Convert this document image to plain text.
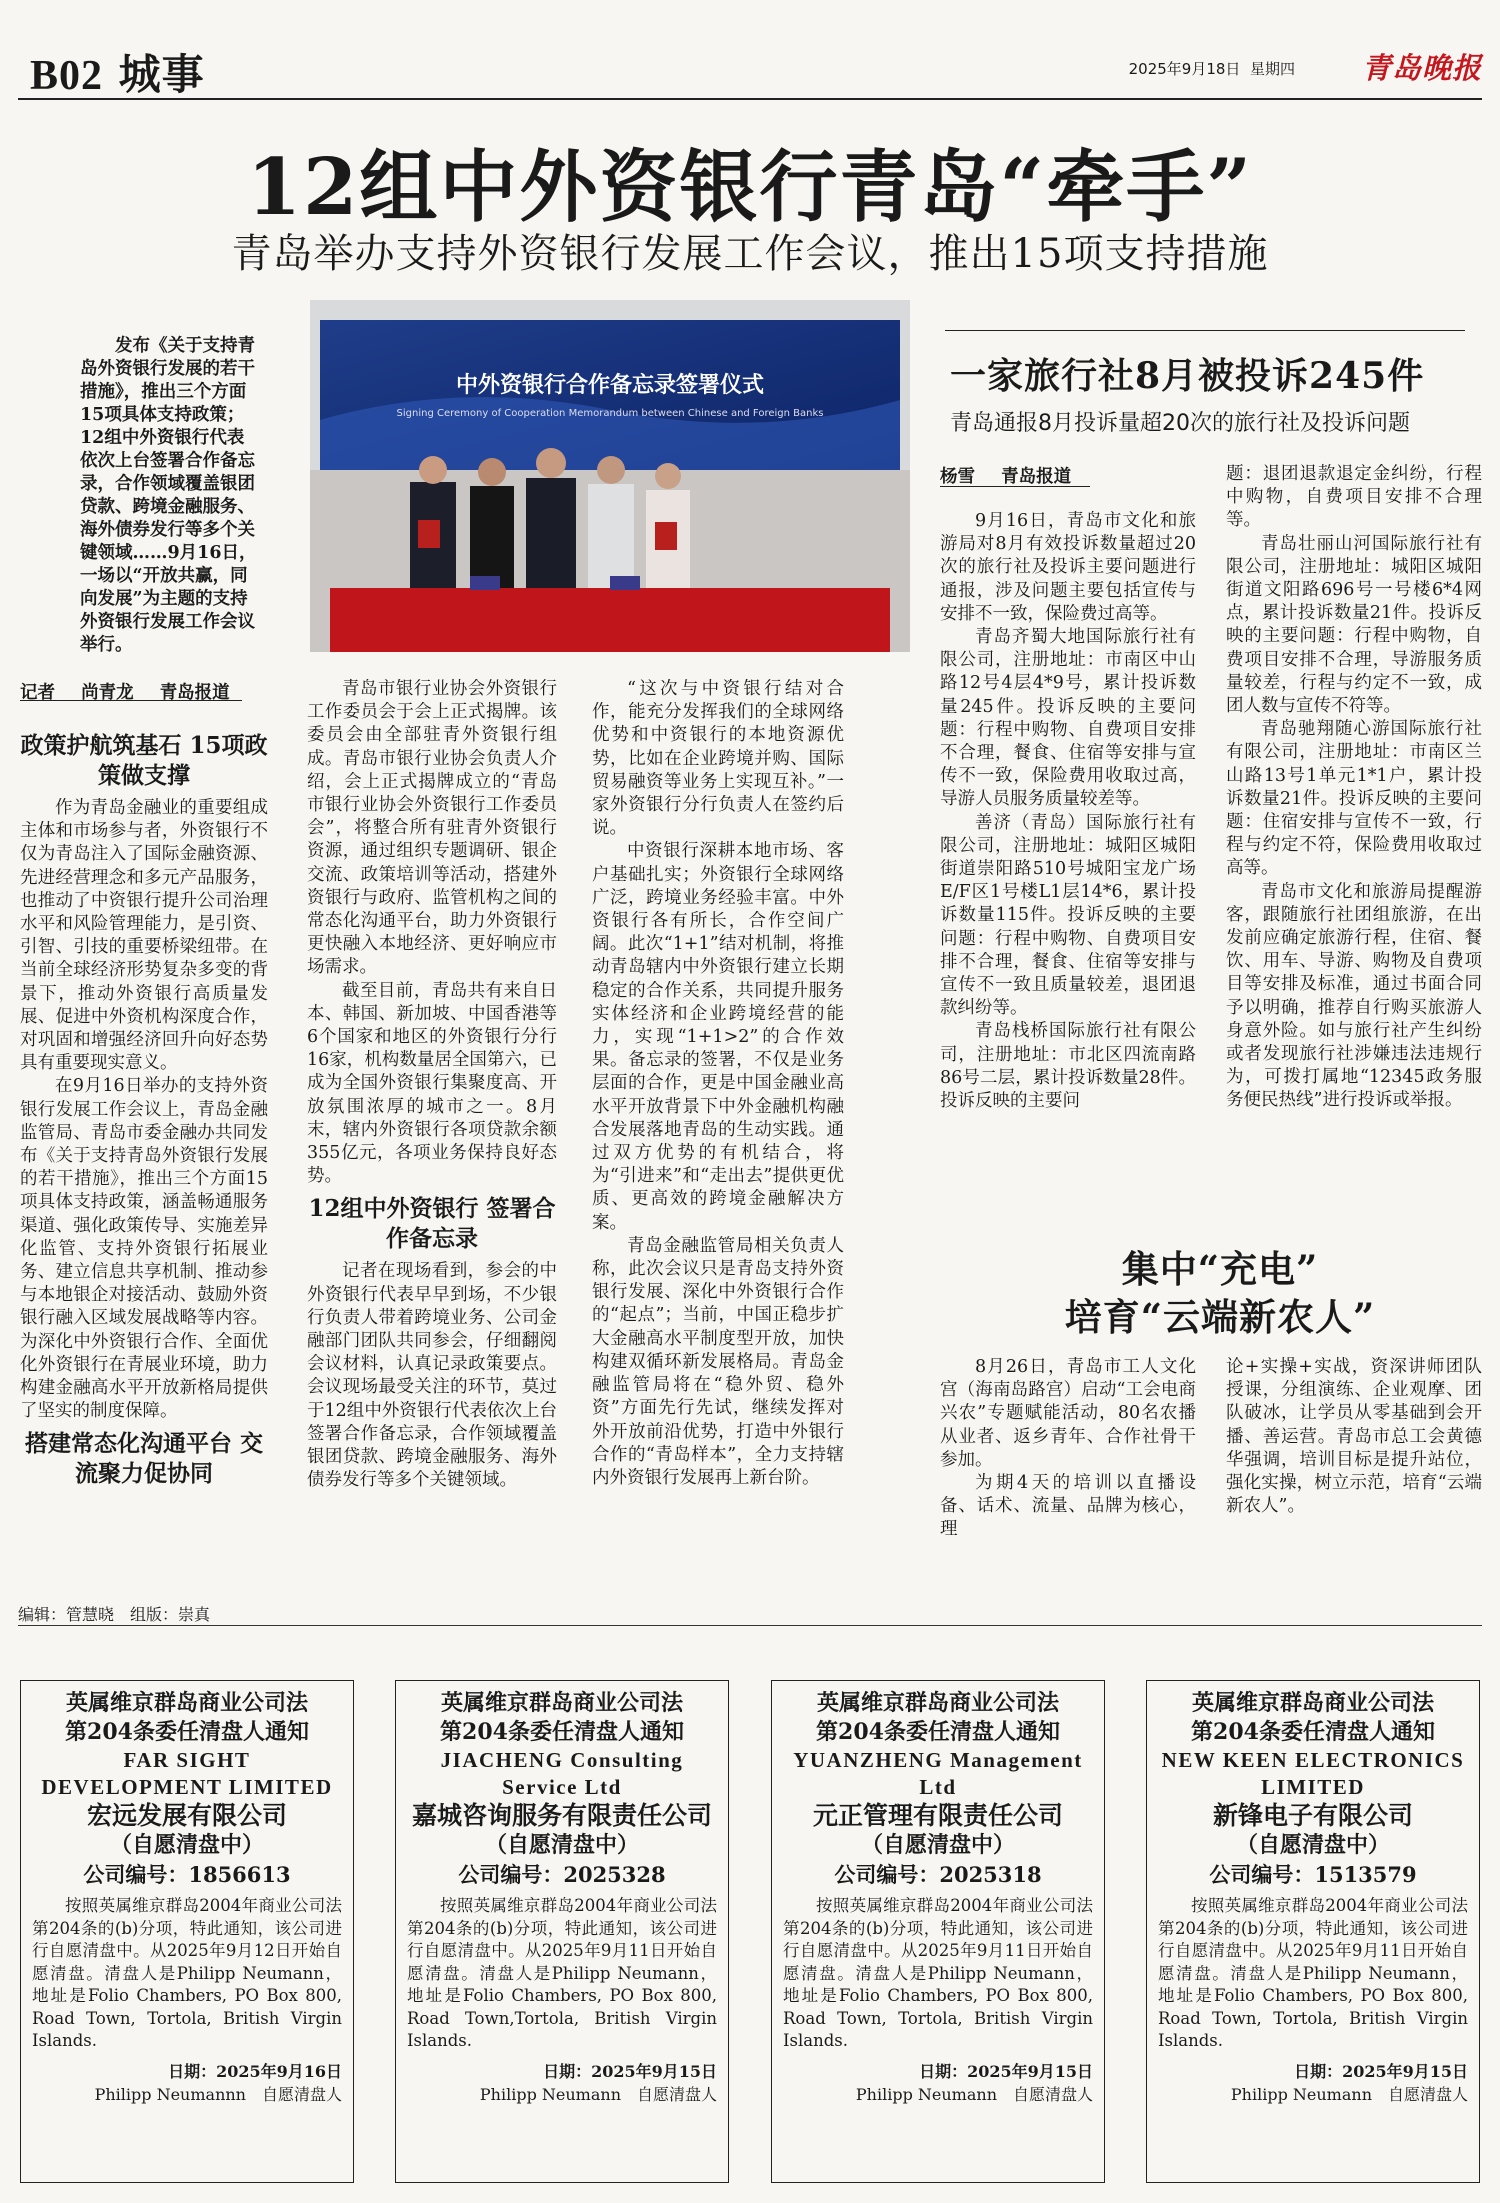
B02 城事	2025年9月18日 星期四 青岛晚报
12组中外资银行青岛“牵手”
青岛举办支持外资银行发展工作会议，推出15项支持措施
发布《关于支持青岛外资银行发展的若干措施》，推出三个方面15项具体支持政策；12组中外资银行代表依次上台签署合作备忘录，合作领域覆盖银团贷款、跨境金融服务、海外债券发行等多个关键领域……9月16日，一场以“开放共赢，同向发展”为主题的支持外资银行发展工作会议举行。
中外资银行合作备忘录签署仪式
Signing Ceremony of Cooperation Memorandum between Chinese and Foreign Banks
记者 尚青龙 青岛报道
政策护航筑基石 15项政策做支撑

作为青岛金融业的重要组成主体和市场参与者，外资银行不仅为青岛注入了国际金融资源、先进经营理念和多元产品服务，也推动了中资银行提升公司治理水平和风险管理能力，是引资、引智、引技的重要桥梁纽带。在当前全球经济形势复杂多变的背景下，推动外资银行高质量发展、促进中外资机构深度合作，对巩固和增强经济回升向好态势具有重要现实意义。

在9月16日举办的支持外资银行发展工作会议上，青岛金融监管局、青岛市委金融办共同发布《关于支持青岛外资银行发展的若干措施》，推出三个方面15项具体支持政策，涵盖畅通服务渠道、强化政策传导、实施差异化监管、支持外资银行拓展业务、建立信息共享机制、推动参与本地银企对接活动、鼓励外资银行融入区域发展战略等内容。为深化中外资银行合作、全面优化外资银行在青展业环境，助力构建金融高水平开放新格局提供了坚实的制度保障。

搭建常态化沟通平台 交流聚力促协同

青岛市银行业协会外资银行工作委员会于会上正式揭牌。该委员会由全部驻青外资银行组成。青岛市银行业协会负责人介绍，会上正式揭牌成立的“青岛市银行业协会外资银行工作委员会”，将整合所有驻青外资银行资源，通过组织专题调研、银企交流、政策培训等活动，搭建外资银行与政府、监管机构之间的常态化沟通平台，助力外资银行更快融入本地经济、更好响应市场需求。

截至目前，青岛共有来自日本、韩国、新加坡、中国香港等6个国家和地区的外资银行分行16家，机构数量居全国第六，已成为全国外资银行集聚度高、开放氛围浓厚的城市之一。8月末，辖内外资银行各项贷款余额355亿元，各项业务保持良好态势。

12组中外资银行 签署合作备忘录

记者在现场看到，参会的中外资银行代表早早到场，不少银行负责人带着跨境业务、公司金融部门团队共同参会，仔细翻阅会议材料，认真记录政策要点。会议现场最受关注的环节，莫过于12组中外资银行代表依次上台签署合作备忘录，合作领域覆盖银团贷款、跨境金融服务、海外债券发行等多个关键领域。

“这次与中资银行结对合作，能充分发挥我们的全球网络优势和中资银行的本地资源优势，比如在企业跨境并购、国际贸易融资等业务上实现互补。”一家外资银行分行负责人在签约后说。

中资银行深耕本地市场、客户基础扎实；外资银行全球网络广泛，跨境业务经验丰富。中外资银行各有所长，合作空间广阔。此次“1+1”结对机制，将推动青岛辖内中外资银行建立长期稳定的合作关系，共同提升服务实体经济和企业跨境经营的能力，实现“1+1>2”的合作效果。备忘录的签署，不仅是业务层面的合作，更是中国金融业高水平开放背景下中外金融机构融合发展落地青岛的生动实践。通过双方优势的有机结合，将为“引进来”和“走出去”提供更优质、更高效的跨境金融解决方案。

青岛金融监管局相关负责人称，此次会议只是青岛支持外资银行发展、深化中外资银行合作的“起点”；当前，中国正稳步扩大金融高水平制度型开放，加快构建双循环新发展格局。青岛金融监管局将在“稳外贸、稳外资”方面先行先试，继续发挥对外开放前沿优势，打造中外银行合作的“青岛样本”，全力支持辖内外资银行发展再上新台阶。

一家旅行社8月被投诉245件
青岛通报8月投诉量超20次的旅行社及投诉问题
杨雪 青岛报道

9月16日，青岛市文化和旅游局对8月有效投诉数量超过20次的旅行社及投诉主要问题进行通报，涉及问题主要包括宣传与安排不一致，保险费过高等。

青岛齐蜀大地国际旅行社有限公司，注册地址：市南区中山路12号4层4*9号，累计投诉数量245件。投诉反映的主要问题：行程中购物、自费项目安排不合理，餐食、住宿等安排与宣传不一致，保险费用收取过高，导游人员服务质量较差等。

善济（青岛）国际旅行社有限公司，注册地址：城阳区城阳街道崇阳路510号城阳宝龙广场E/F区1号楼L1层14*6，累计投诉数量115件。投诉反映的主要问题：行程中购物、自费项目安排不合理，餐食、住宿等安排与宣传不一致且质量较差，退团退款纠纷等。

青岛栈桥国际旅行社有限公司，注册地址：市北区四流南路86号二层，累计投诉数量28件。投诉反映的主要问

题：退团退款退定金纠纷，行程中购物，自费项目安排不合理等。

青岛壮丽山河国际旅行社有限公司，注册地址：城阳区城阳街道文阳路696号一号楼6*4网点，累计投诉数量21件。投诉反映的主要问题：行程中购物，自费项目安排不合理，导游服务质量较差，行程与约定不一致，成团人数与宣传不符等。

青岛驰翔随心游国际旅行社有限公司，注册地址：市南区兰山路13号1单元1*1户，累计投诉数量21件。投诉反映的主要问题：住宿安排与宣传不一致，行程与约定不符，保险费用收取过高等。

青岛市文化和旅游局提醒游客，跟随旅行社团组旅游，在出发前应确定旅游行程，住宿、餐饮、用车、导游、购物及自费项目等安排及标准，通过书面合同予以明确，推荐自行购买旅游人身意外险。如与旅行社产生纠纷或者发现旅行社涉嫌违法违规行为，可拨打属地“12345政务服务便民热线”进行投诉或举报。

集中“充电”
培育“云端新农人”

8月26日，青岛市工人文化宫（海南岛路宫）启动“工会电商兴农”专题赋能活动，80名农播从业者、返乡青年、合作社骨干参加。

为期4天的培训以直播设备、话术、流量、品牌为核心，理

论+实操+实战，资深讲师团队授课，分组演练、企业观摩、团队破冰，让学员从零基础到会开播、善运营。青岛市总工会黄德华强调，培训目标是提升站位，强化实操，树立示范，培育“云端新农人”。

编辑：管慧晓　组版：崇真
英属维京群岛商业公司法
第204条委任清盘人通知
FAR SIGHT DEVELOPMENT LIMITED
宏远发展有限公司
（自愿清盘中）
公司编号：1856613
按照英属维京群岛2004年商业公司法第204条的(b)分项，特此通知，该公司进行自愿清盘中。从2025年9月12日开始自愿清盘。清盘人是Philipp Neumann，地址是Folio Chambers, PO Box 800, Road Town, Tortola, British Virgin Islands.
日期：2025年9月16日
Philipp Neumannn　自愿清盘人
英属维京群岛商业公司法
第204条委任清盘人通知
JIACHENG Consulting Service Ltd
嘉城咨询服务有限责任公司
（自愿清盘中）
公司编号：2025328
按照英属维京群岛2004年商业公司法第204条的(b)分项，特此通知，该公司进行自愿清盘中。从2025年9月11日开始自愿清盘。清盘人是Philipp Neumann，地址是Folio Chambers, PO Box 800, Road Town,Tortola, British Virgin Islands.
日期：2025年9月15日
Philipp Neumann　自愿清盘人
英属维京群岛商业公司法
第204条委任清盘人通知
YUANZHENG Management Ltd
元正管理有限责任公司
（自愿清盘中）
公司编号：2025318
按照英属维京群岛2004年商业公司法第204条的(b)分项，特此通知，该公司进行自愿清盘中。从2025年9月11日开始自愿清盘。清盘人是Philipp Neumann，地址是Folio Chambers, PO Box 800, Road Town, Tortola, British Virgin Islands.
日期：2025年9月15日
Philipp Neumann　自愿清盘人
英属维京群岛商业公司法
第204条委任清盘人通知
NEW KEEN ELECTRONICS LIMITED
新锋电子有限公司
（自愿清盘中）
公司编号：1513579
按照英属维京群岛2004年商业公司法第204条的(b)分项，特此通知，该公司进行自愿清盘中。从2025年9月11日开始自愿清盘。清盘人是Philipp Neumann，地址是Folio Chambers, PO Box 800, Road Town, Tortola, British Virgin Islands.
日期：2025年9月15日
Philipp Neumann　自愿清盘人
